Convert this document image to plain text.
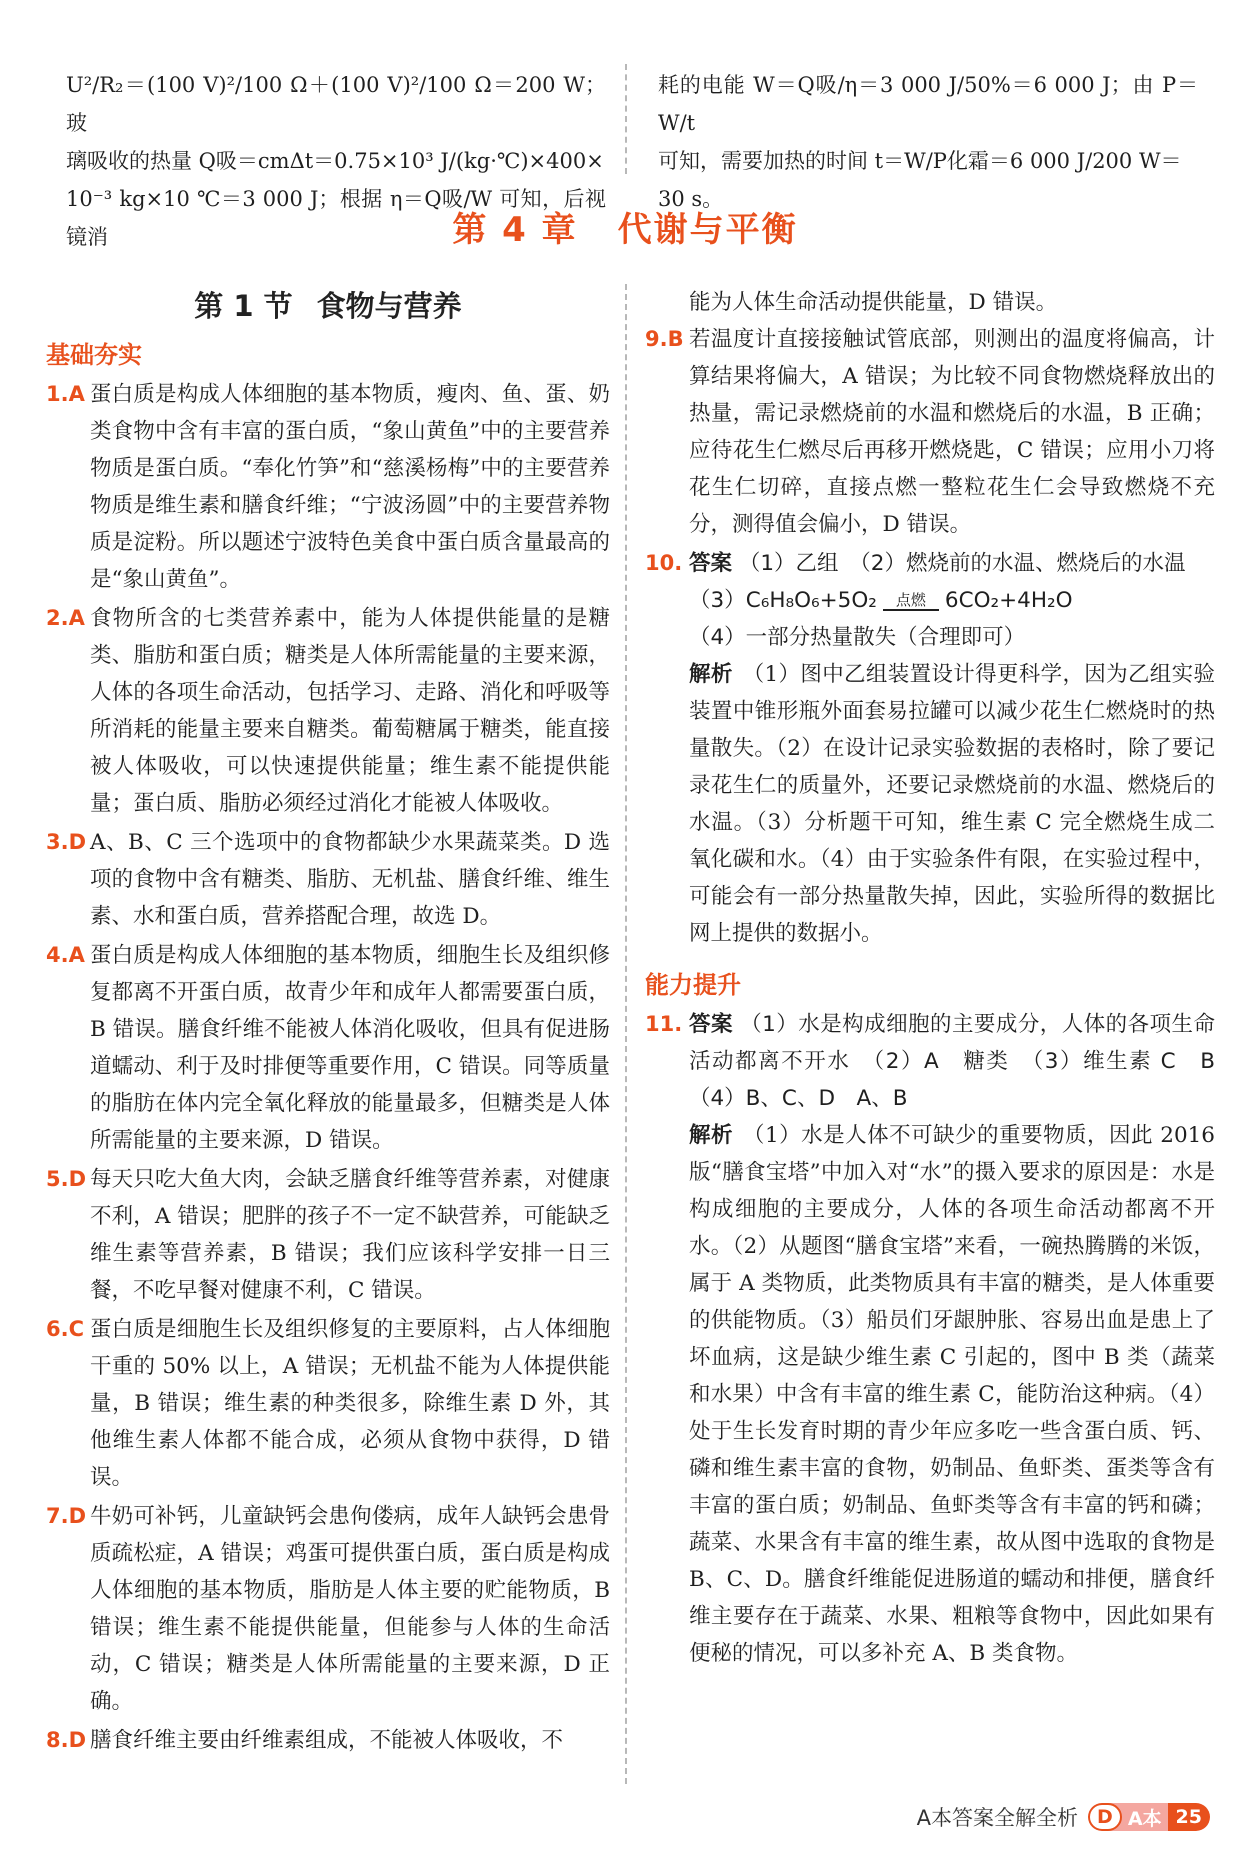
U²/R₂＝(100 V)²/100 Ω＋(100 V)²/100 Ω＝200 W；玻
璃吸收的热量 Q吸＝cmΔt＝0.75×10³ J/(kg·℃)×400×
10⁻³ kg×10 ℃＝3 000 J；根据 η＝Q吸/W 可知，后视镜消
耗的电能 W＝Q吸/η＝3 000 J/50%＝6 000 J；由 P＝W/t
可知，需要加热的时间 t＝W/P化霜＝6 000 J/200 W＝
30 s。
第 4 章 代谢与平衡
第 1 节 食物与营养
基础夯实
1.A 蛋白质是构成人体细胞的基本物质，瘦肉、鱼、蛋、奶类食物中含有丰富的蛋白质，“象山黄鱼”中的主要营养物质是蛋白质。“奉化竹笋”和“慈溪杨梅”中的主要营养物质是维生素和膳食纤维；“宁波汤圆”中的主要营养物质是淀粉。所以题述宁波特色美食中蛋白质含量最高的是“象山黄鱼”。
2.A 食物所含的七类营养素中，能为人体提供能量的是糖类、脂肪和蛋白质；糖类是人体所需能量的主要来源，人体的各项生命活动，包括学习、走路、消化和呼吸等所消耗的能量主要来自糖类。葡萄糖属于糖类，能直接被人体吸收，可以快速提供能量；维生素不能提供能量；蛋白质、脂肪必须经过消化才能被人体吸收。
3.D A、B、C 三个选项中的食物都缺少水果蔬菜类。D 选项的食物中含有糖类、脂肪、无机盐、膳食纤维、维生素、水和蛋白质，营养搭配合理，故选 D。
4.A 蛋白质是构成人体细胞的基本物质，细胞生长及组织修复都离不开蛋白质，故青少年和成年人都需要蛋白质，B 错误。膳食纤维不能被人体消化吸收，但具有促进肠道蠕动、利于及时排便等重要作用，C 错误。同等质量的脂肪在体内完全氧化释放的能量最多，但糖类是人体所需能量的主要来源，D 错误。
5.D 每天只吃大鱼大肉，会缺乏膳食纤维等营养素，对健康不利，A 错误；肥胖的孩子不一定不缺营养，可能缺乏维生素等营养素，B 错误；我们应该科学安排一日三餐，不吃早餐对健康不利，C 错误。
6.C 蛋白质是细胞生长及组织修复的主要原料，占人体细胞干重的 50% 以上，A 错误；无机盐不能为人体提供能量，B 错误；维生素的种类很多，除维生素 D 外，其他维生素人体都不能合成，必须从食物中获得，D 错误。
7.D 牛奶可补钙，儿童缺钙会患佝偻病，成年人缺钙会患骨质疏松症，A 错误；鸡蛋可提供蛋白质，蛋白质是构成人体细胞的基本物质，脂肪是人体主要的贮能物质，B 错误；维生素不能提供能量，但能参与人体的生命活动，C 错误；糖类是人体所需能量的主要来源，D 正确。
8.D 膳食纤维主要由纤维素组成，不能被人体吸收，不
能为人体生命活动提供能量，D 错误。
9.B 若温度计直接接触试管底部，则测出的温度将偏高，计算结果将偏大，A 错误；为比较不同食物燃烧释放出的热量，需记录燃烧前的水温和燃烧后的水温，B 正确；应待花生仁燃尽后再移开燃烧匙，C 错误；应用小刀将花生仁切碎，直接点燃一整粒花生仁会导致燃烧不充分，测得值会偏小，D 错误。
10. 答案 （1）乙组　（2）燃烧前的水温、燃烧后的水温
（3）C₆H₈O₆+5O₂	点燃 6CO₂+4H₂O
（4）一部分热量散失（合理即可）
解析 （1）图中乙组装置设计得更科学，因为乙组实验装置中锥形瓶外面套易拉罐可以减少花生仁燃烧时的热量散失。（2）在设计记录实验数据的表格时，除了要记录花生仁的质量外，还要记录燃烧前的水温、燃烧后的水温。（3）分析题干可知，维生素 C 完全燃烧生成二氧化碳和水。（4）由于实验条件有限，在实验过程中，可能会有一部分热量散失掉，因此，实验所得的数据比网上提供的数据小。
能力提升
11. 答案 （1）水是构成细胞的主要成分，人体的各项生命活动都离不开水　（2）A　糖类　（3）维生素 C　B　（4）B、C、D　A、B
解析 （1）水是人体不可缺少的重要物质，因此 2016 版“膳食宝塔”中加入对“水”的摄入要求的原因是：水是构成细胞的主要成分，人体的各项生命活动都离不开水。（2）从题图“膳食宝塔”来看，一碗热腾腾的米饭，属于 A 类物质，此类物质具有丰富的糖类，是人体重要的供能物质。（3）船员们牙龈肿胀、容易出血是患上了坏血病，这是缺少维生素 C 引起的，图中 B 类（蔬菜和水果）中含有丰富的维生素 C，能防治这种病。（4）处于生长发育时期的青少年应多吃一些含蛋白质、钙、磷和维生素丰富的食物，奶制品、鱼虾类、蛋类等含有丰富的蛋白质；奶制品、鱼虾类等含有丰富的钙和磷；蔬菜、水果含有丰富的维生素，故从图中选取的食物是 B、C、D。膳食纤维能促进肠道的蠕动和排便，膳食纤维主要存在于蔬菜、水果、粗粮等食物中，因此如果有便秘的情况，可以多补充 A、B 类食物。
A本答案全解全析	D A本 25
